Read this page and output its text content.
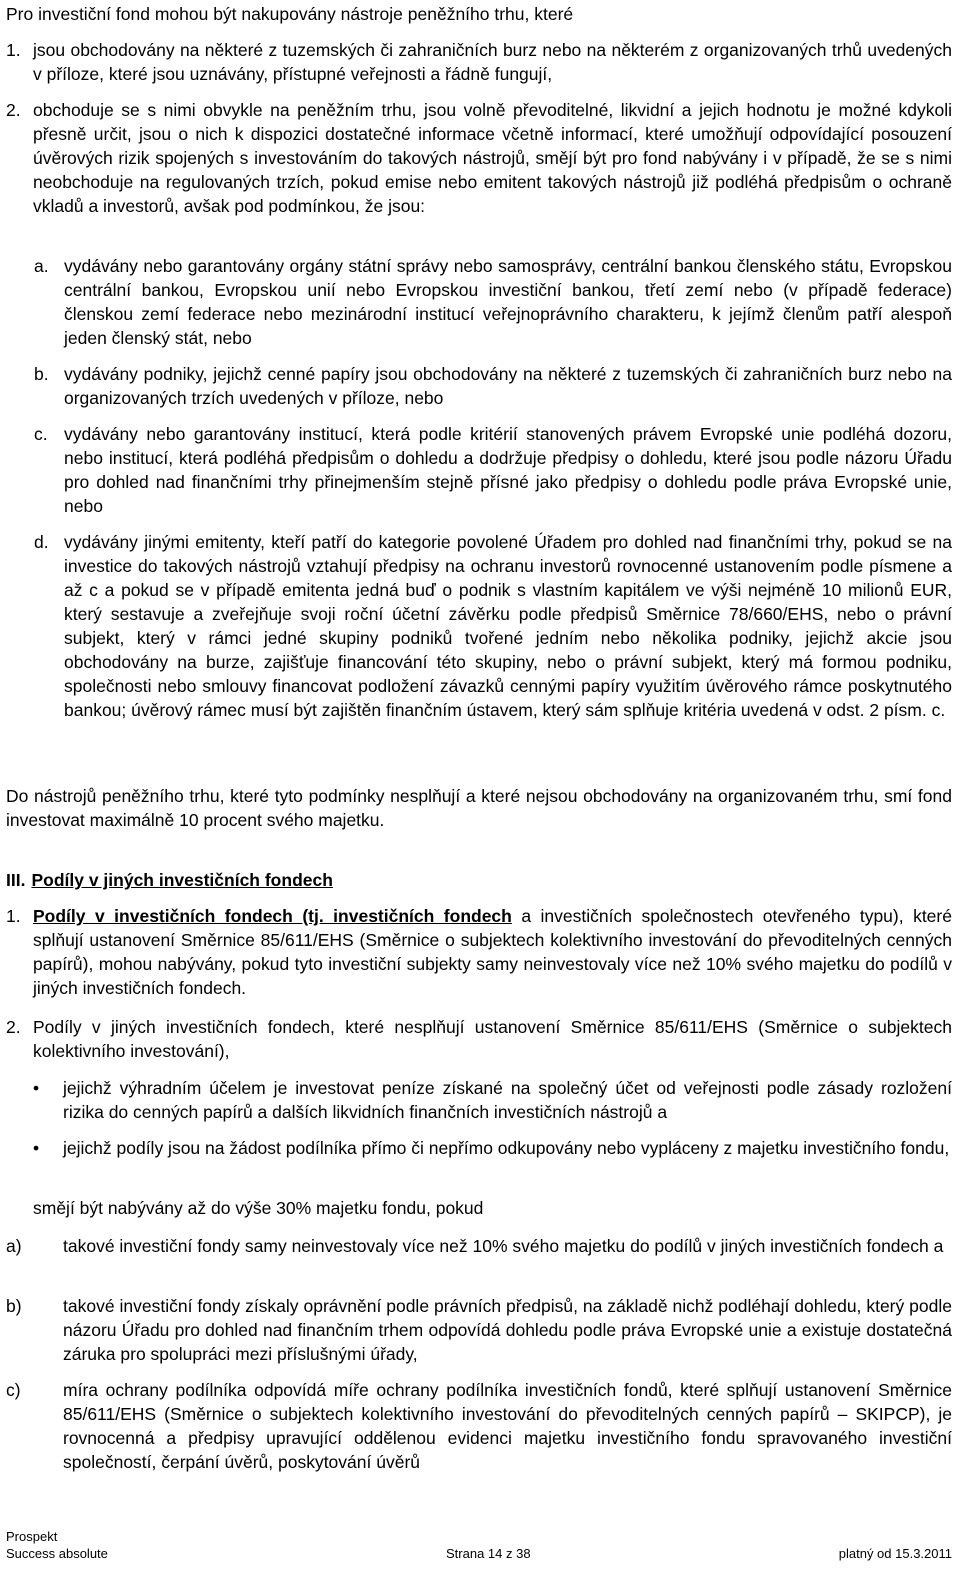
Pro investiční fond mohou být nakupovány nástroje peněžního trhu, které

1. jsou obchodovány na některé z tuzemských či zahraničních burz nebo na některém z organizovaných trhů uvedených v příloze, které jsou uznávány, přístupné veřejnosti a řádně fungují,
2. obchoduje se s nimi obvykle na peněžním trhu, jsou volně převoditelné, likvidní a jejich hodnotu je možné kdykoli přesně určit, jsou o nich k dispozici dostatečné informace včetně informací, které umožňují odpovídající posouzení úvěrových rizik spojených s investováním do takových nástrojů, smějí být pro fond nabývány i v případě, že se s nimi neobchoduje na regulovaných trzích, pokud emise nebo emitent takových nástrojů již podléhá předpisům o ochraně vkladů a investorů, avšak pod podmínkou, že jsou:
a. vydávány nebo garantovány orgány státní správy nebo samosprávy, centrální bankou členského státu, Evropskou centrální bankou, Evropskou unií nebo Evropskou investiční bankou, třetí zemí nebo (v případě federace) členskou zemí federace nebo mezinárodní institucí veřejnoprávního charakteru, k jejímž členům patří alespoň jeden členský stát, nebo
b. vydávány podniky, jejichž cenné papíry jsou obchodovány na některé z tuzemských či zahraničních burz nebo na organizovaných trzích uvedených v příloze, nebo
c. vydávány nebo garantovány institucí, která podle kritérií stanovených právem Evropské unie podléhá dozoru, nebo institucí, která podléhá předpisům o dohledu a dodržuje předpisy o dohledu, které jsou podle názoru Úřadu pro dohled nad finančními trhy přinejmenším stejně přísné jako předpisy o dohledu podle práva Evropské unie, nebo
d. vydávány jinými emitenty, kteří patří do kategorie povolené Úřadem pro dohled nad finančními trhy, pokud se na investice do takových nástrojů vztahují předpisy na ochranu investorů rovnocenné ustanovením podle písmene a až c a pokud se v případě emitenta jedná buď o podnik s vlastním kapitálem ve výši nejméně 10 milionů EUR, který sestavuje a zveřejňuje svoji roční účetní závěrku podle předpisů Směrnice 78/660/EHS, nebo o právní subjekt, který v rámci jedné skupiny podniků tvořené jedním nebo několika podniky, jejichž akcie jsou obchodovány na burze, zajišťuje financování této skupiny, nebo o právní subjekt, který má formou podniku, společnosti nebo smlouvy financovat podložení závazků cennými papíry využitím úvěrového rámce poskytnutého bankou; úvěrový rámec musí být zajištěn finančním ústavem, který sám splňuje kritéria uvedená v odst. 2 písm. c.

Do nástrojů peněžního trhu, které tyto podmínky nesplňují a které nejsou obchodovány na organizovaném trhu, smí fond investovat maximálně 10 procent svého majetku.

III. Podíly v jiných investičních fondech
1. Podíly v investičních fondech (tj. investičních fondech a investičních společnostech otevřeného typu), které splňují ustanovení Směrnice 85/611/EHS (Směrnice o subjektech kolektivního investování do převoditelných cenných papírů), mohou nabývány, pokud tyto investiční subjekty samy neinvestovaly více než 10% svého majetku do podílů v jiných investičních fondech.
2. Podíly v jiných investičních fondech, které nesplňují ustanovení Směrnice 85/611/EHS (Směrnice o subjektech kolektivního investování),
•	jejichž výhradním účelem je investovat peníze získané na společný účet od veřejnosti podle zásady rozložení rizika do cenných papírů a dalších likvidních finančních investičních nástrojů a
•	jejichž podíly jsou na žádost podílníka přímo či nepřímo odkupovány nebo vypláceny z majetku investičního fondu,

smějí být nabývány až do výše 30% majetku fondu, pokud

a)	takové investiční fondy samy neinvestovaly více než 10% svého majetku do podílů v jiných investičních fondech a
b)	takové investiční fondy získaly oprávnění podle právních předpisů, na základě nichž podléhají dohledu, který podle názoru Úřadu pro dohled nad finančním trhem odpovídá dohledu podle práva Evropské unie a existuje dostatečná záruka pro spolupráci mezi příslušnými úřady,
c)	míra ochrany podílníka odpovídá míře ochrany podílníka investičních fondů, které splňují ustanovení Směrnice 85/611/EHS (Směrnice o subjektech kolektivního investování do převoditelných cenných papírů – SKIPCP), je rovnocenná a předpisy upravující oddělenou evidenci majetku investičního fondu spravovaného investiční společností, čerpání úvěrů, poskytování úvěrů
Prospekt
Success absolute	Strana 14 z 38	platný od 15.3.2011
